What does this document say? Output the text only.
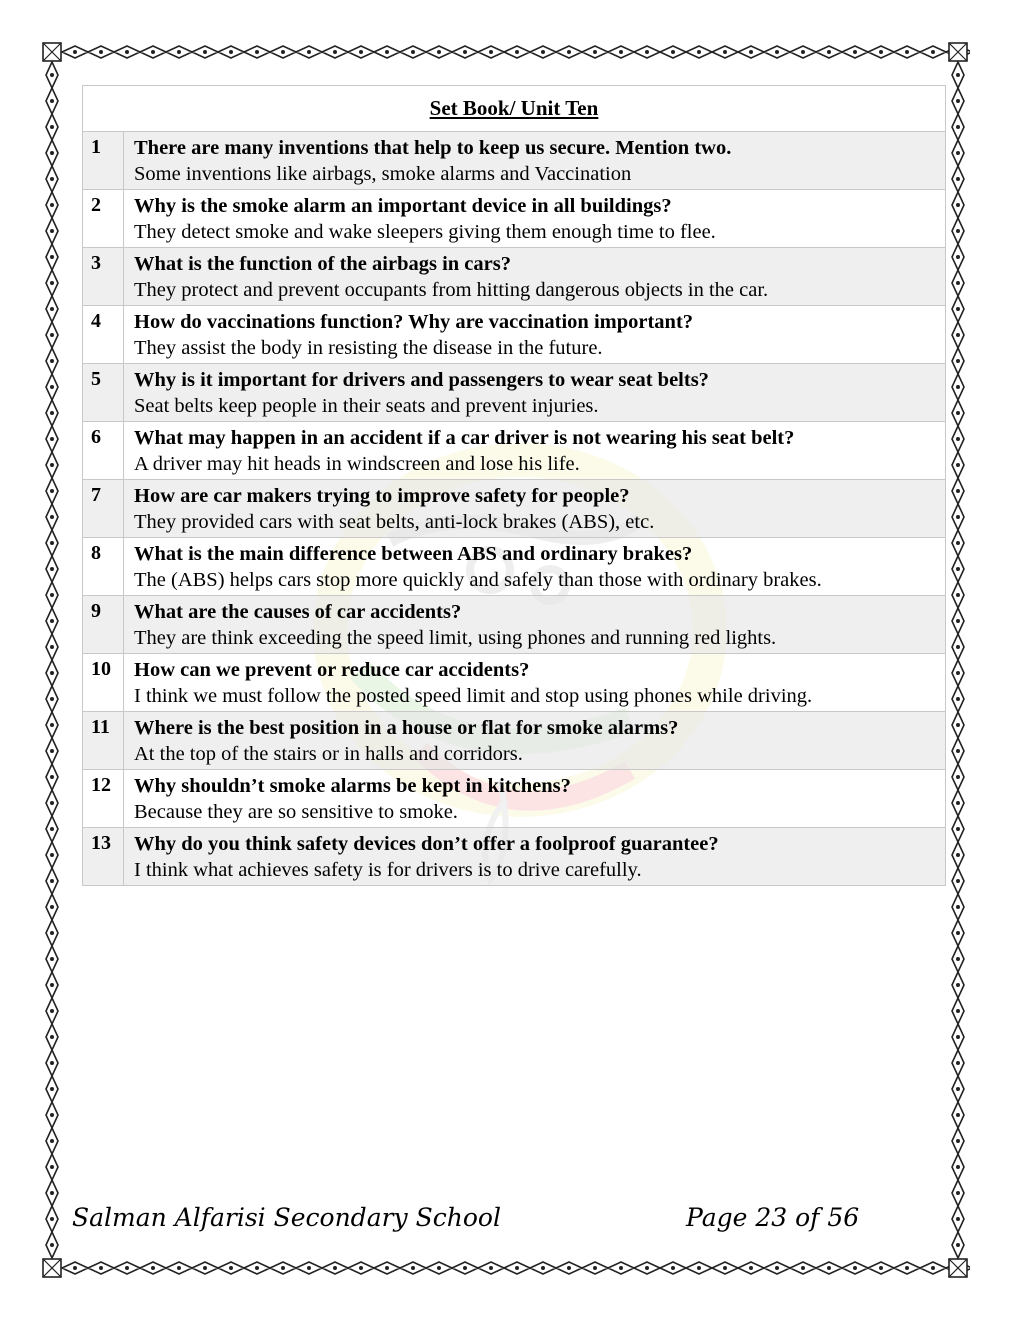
Set Book/ Unit Ten	
1	There are many inventions that help to keep us secure. Mention two.
Some inventions like airbags, smoke alarms and Vaccination

2	Why is the smoke alarm an important device in all buildings?
They detect smoke and wake sleepers giving them enough time to flee.

3	What is the function of the airbags in cars?
They protect and prevent occupants from hitting dangerous objects in the car.

4	How do vaccinations function? Why are vaccination important?
They assist the body in resisting the disease in the future.

5	Why is it important for drivers and passengers to wear seat belts?
Seat belts keep people in their seats and prevent injuries.

6	What may happen in an accident if a car driver is not wearing his seat belt?
A driver may hit heads in windscreen and lose his life.

7	How are car makers trying to improve safety for people?
They provided cars with seat belts, anti-lock brakes (ABS), etc.

8	What is the main difference between ABS and ordinary brakes?
The (ABS) helps cars stop more quickly and safely than those with ordinary brakes.

9	What are the causes of car accidents?
They are think exceeding the speed limit, using phones and running red lights.

10	How can we prevent or reduce car accidents?
I think we must follow the posted speed limit and stop using phones while driving.

11	Where is the best position in a house or flat for smoke alarms?
At the top of the stairs or in halls and corridors.

12	Why shouldn’t smoke alarms be kept in kitchens?
Because they are so sensitive to smoke.

13	Why do you think safety devices don’t offer a foolproof guarantee?
I think what achieves safety is for drivers is to drive carefully.
Salman Alfarisi Secondary School	Page 23 of 56
